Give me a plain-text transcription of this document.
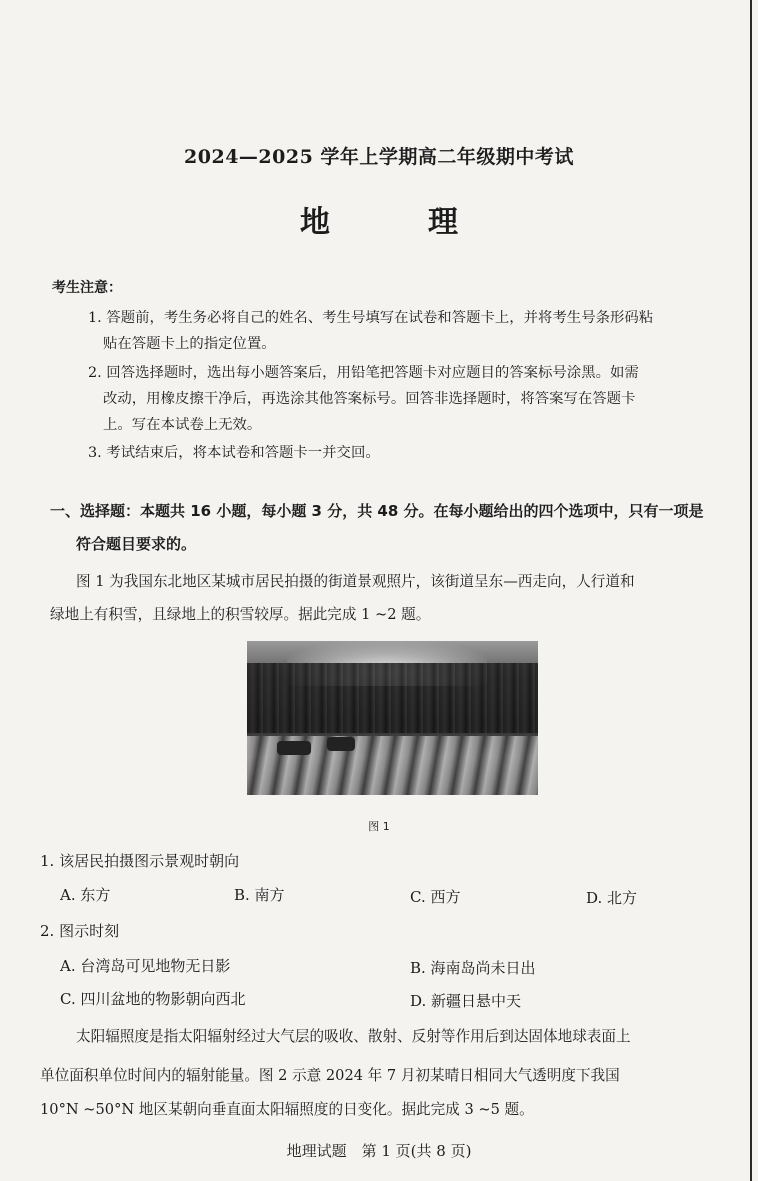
2024—2025 学年上学期高二年级期中考试
地　理
考生注意：
1. 答题前，考生务必将自己的姓名、考生号填写在试卷和答题卡上，并将考生号条形码粘
贴在答题卡上的指定位置。
2. 回答选择题时，选出每小题答案后，用铅笔把答题卡对应题目的答案标号涂黑。如需
改动，用橡皮擦干净后，再选涂其他答案标号。回答非选择题时，将答案写在答题卡
上。写在本试卷上无效。
3. 考试结束后，将本试卷和答题卡一并交回。
一、选择题：本题共 16 小题，每小题 3 分，共 48 分。在每小题给出的四个选项中，只有一项是
符合题目要求的。
图 1 为我国东北地区某城市居民拍摄的街道景观照片，该街道呈东—西走向，人行道和
绿地上有积雪，且绿地上的积雪较厚。据此完成 1 ~2 题。
图 1
1. 该居民拍摄图示景观时朝向
A. 东方	B. 南方	C. 西方	D. 北方
2. 图示时刻
A. 台湾岛可见地物无日影	B. 海南岛尚未日出
C. 四川盆地的物影朝向西北	D. 新疆日悬中天
太阳辐照度是指太阳辐射经过大气层的吸收、散射、反射等作用后到达固体地球表面上
单位面积单位时间内的辐射能量。图 2 示意 2024 年 7 月初某晴日相同大气透明度下我国
10°N ~50°N 地区某朝向垂直面太阳辐照度的日变化。据此完成 3 ~5 题。
地理试题　第 1 页(共 8 页)
